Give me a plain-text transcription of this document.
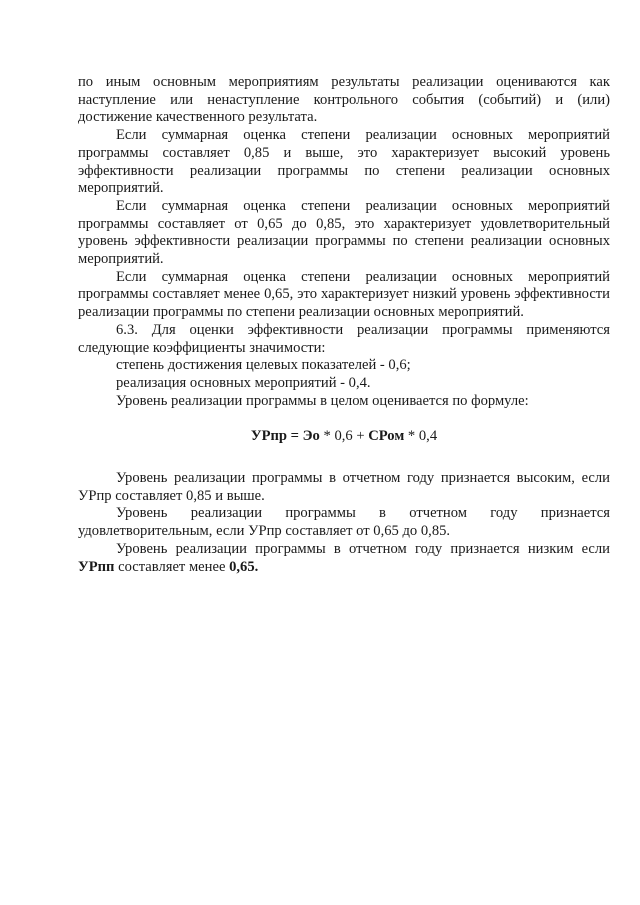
по иным основным мероприятиям результаты реализации оцениваются как наступление или ненаступление контрольного события (событий) и (или) достижение качественного результата.

Если суммарная оценка степени реализации основных мероприятий программы составляет 0,85 и выше, это характеризует высокий уровень эффективности реализации программы по степени реализации основных мероприятий.

Если суммарная оценка степени реализации основных мероприятий программы составляет от 0,65 до 0,85, это характеризует удовлетворительный уровень эффективности реализации программы по степени реализации основных мероприятий.

Если суммарная оценка степени реализации основных мероприятий программы составляет менее 0,65, это характеризует низкий уровень эффективности реализации программы по степени реализации основных мероприятий.

6.3. Для оценки эффективности реализации программы применяются следующие коэффициенты значимости:

степень достижения целевых показателей - 0,6;

реализация основных мероприятий - 0,4.

Уровень реализации программы в целом оценивается по формуле:

УРпр = Эо * 0,6 + СРом * 0,4

Уровень реализации программы в отчетном году признается высоким, если УРпр составляет 0,85 и выше.

Уровень реализации программы в отчетном году признается удовлетворительным, если УРпр составляет от 0,65 до 0,85.

Уровень реализации программы в отчетном году признается низким если УРпп составляет менее 0,65.
